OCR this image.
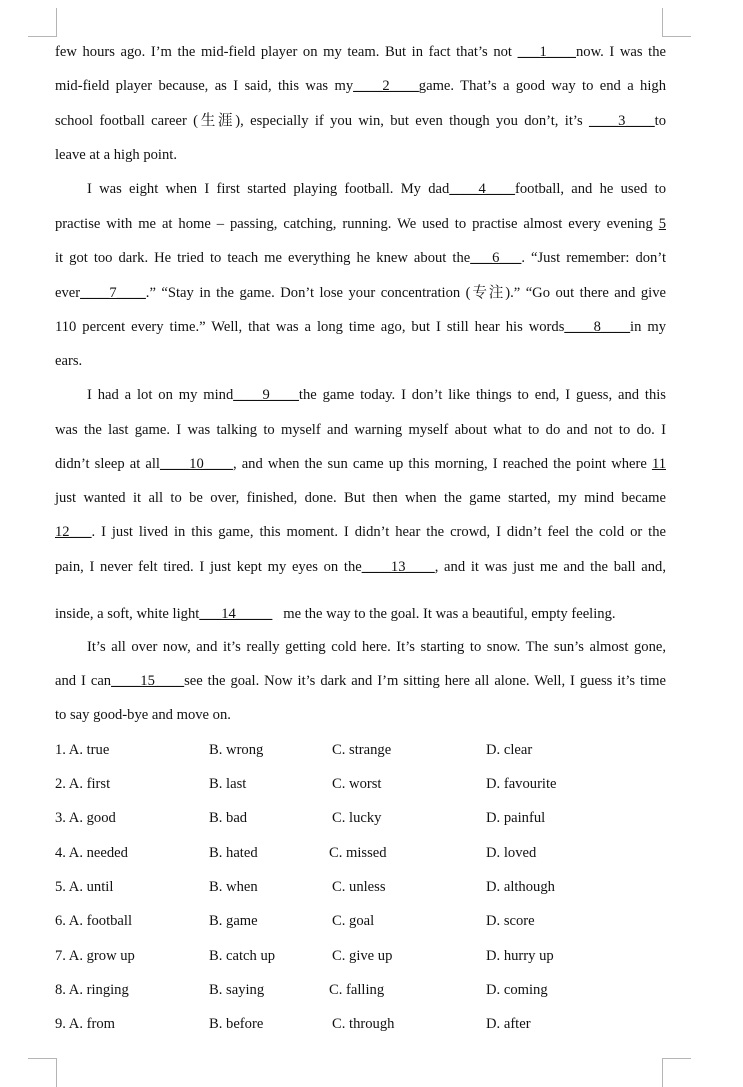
few hours ago. I’m the mid-field player on my team. But in fact that’s not ___1____now. I was the
mid-field player because, as I said, this was my____2____game. That’s a good way to end a high
school football career (生涯), especially if you win, but even though you don’t, it’s ____3____to
leave at a high point.
I was eight when I first started playing football. My dad____4____football, and he used to
practise with me at home – passing, catching, running. We used to practise almost every evening 5
it got too dark. He tried to teach me everything he knew about the___6___. “Just remember: don’t
ever____7____.” “Stay in the game. Don’t lose your concentration (专注).” “Go out there and give
110 percent every time.” Well, that was a long time ago, but I still hear his words____8____in my
ears.
I had a lot on my mind____9____the game today. I don’t like things to end, I guess, and this
was the last game. I was talking to myself and warning myself about what to do and not to do. I
didn’t sleep at all____10____, and when the sun came up this morning, I reached the point where 11
just wanted it all to be over, finished, done. But then when the game started, my mind became
12___. I just lived in this game, this moment. I didn’t hear the crowd, I didn’t feel the cold or the
pain, I never felt tired. I just kept my eyes on the____13____, and it was just me and the ball and,
inside, a soft, white light___14_____   me the way to the goal. It was a beautiful, empty feeling.
It’s all over now, and it’s really getting cold here. It’s starting to snow. The sun’s almost gone,
and I can____15____see the goal. Now it’s dark and I’m sitting here all alone. Well, I guess it’s time
to say good-bye and move on.
1. A. true	B. wrong	C. strange	D. clear
2. A. first	B. last	C. worst	D. favourite
3. A. good	B. bad	C. lucky	D. painful
4. A. needed	B. hated	C. missed	D. loved
5. A. until	B. when	C. unless	D. although
6. A. football	B. game	C. goal	D. score
7. A. grow up	B. catch up	C. give up	D. hurry up
8. A. ringing	B. saying	C. falling	D. coming
9. A. from	B. before	C. through	D. after
